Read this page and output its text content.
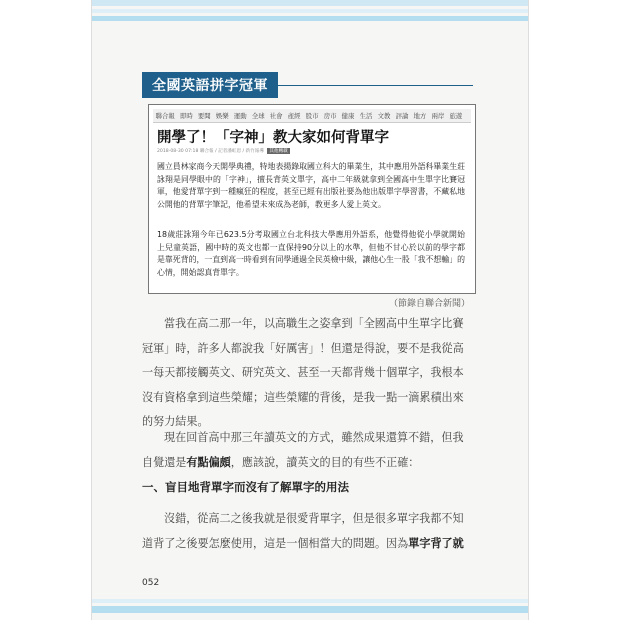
全國英語拼字冠軍
聯合報 即時 要聞 娛樂 運動 全球 社會 產經 股市 房市 健康 生活 文教 評論 地方 兩岸 旅遊
開學了！「字神」教大家如何背單字
2018-08-30 07:18 聯合報 / 記者潘虹恩 / 新竹報導 其他轉載

國立員林家商今天開學典禮，特地表揚錄取國立科大的畢業生，其中應用外語科畢業生莊詠翔是同學眼中的「字神」，擅長背英文單字，高中二年級就拿到全國高中生單字比賽冠軍，他愛背單字到一種瘋狂的程度，甚至已經有出版社要為他出版單字學習書，不藏私地公開他的背單字筆記，他希望未來成為老師，教更多人愛上英文。

18歲莊詠翔今年已623.5分考取國立台北科技大學應用外語系，他覺得他從小學就開始上兒童英語，國中時的英文也都一直保持90分以上的水準，但他不甘心於以前的學字都是靠死背的，一直到高一時看到有同學通過全民英檢中級，讓他心生一股「我不想輸」的心情，開始認真背單字。

（節錄自聯合新聞）

當我在高二那一年，以高職生之姿拿到「全國高中生單字比賽冠軍」時，許多人都說我「好厲害」！但還是得說，要不是我從高一每天都接觸英文、研究英文、甚至一天都背幾十個單字，我根本沒有資格拿到這些榮耀；這些榮耀的背後，是我一點一滴累積出來的努力結果。

現在回首高中那三年讀英文的方式，雖然成果還算不錯，但我自覺還是有點偏頗，應該說，讀英文的目的有些不正確：

一、盲目地背單字而沒有了解單字的用法

沒錯，從高二之後我就是很愛背單字，但是很多單字我都不知道背了之後要怎麼使用，這是一個相當大的問題。因為單字背了就

052
